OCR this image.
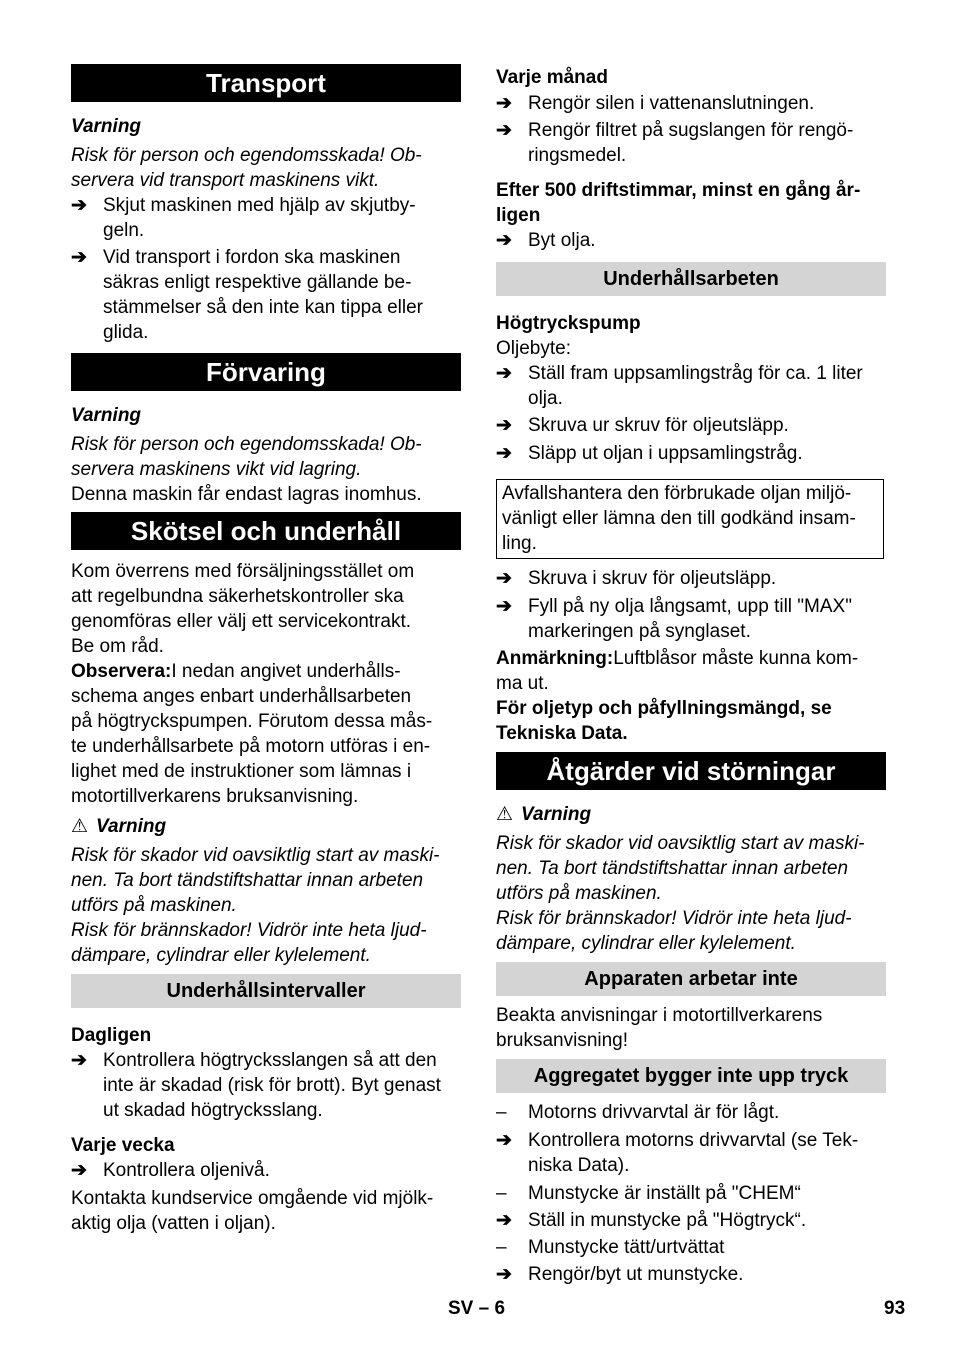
Transport
Varning
Risk för person och egendomsskada! Ob-
servera vid transport maskinens vikt.
➔ Skjut maskinen med hjälp av skjutby-
geln.
➔ Vid transport i fordon ska maskinen
säkras enligt respektive gällande be-
stämmelser så den inte kan tippa eller
glida.
Förvaring
Varning
Risk för person och egendomsskada! Ob-
servera maskinens vikt vid lagring.
Denna maskin får endast lagras inomhus.
Skötsel och underhåll
Kom överrens med försäljningsstället om
att regelbundna säkerhetskontroller ska
genomföras eller välj ett servicekontrakt.
Be om råd.
Observera:I nedan angivet underhålls-
schema anges enbart underhållsarbeten
på högtryckspumpen. Förutom dessa mås-
te underhållsarbete på motorn utföras i en-
lighet med de instruktioner som lämnas i
motortillverkarens bruksanvisning.
⚠ Varning
Risk för skador vid oavsiktlig start av maski-
nen. Ta bort tändstiftshattar innan arbeten
utförs på maskinen.
Risk för brännskador! Vidrör inte heta ljud-
dämpare, cylindrar eller kylelement.
Underhållsintervaller
Dagligen
➔ Kontrollera högtrycksslangen så att den
inte är skadad (risk för brott). Byt genast
ut skadad högtrycksslang.
Varje vecka
➔ Kontrollera oljenivå.
Kontakta kundservice omgående vid mjölk-
aktig olja (vatten i oljan).
Varje månad
➔ Rengör silen i vattenanslutningen.
➔ Rengör filtret på sugslangen för rengö-
ringsmedel.
Efter 500 driftstimmar, minst en gång år-
ligen
➔ Byt olja.
Underhållsarbeten
Högtryckspump
Oljebyte:
➔ Ställ fram uppsamlingstråg för ca. 1 liter
olja.
➔ Skruva ur skruv för oljeutsläpp.
➔ Släpp ut oljan i uppsamlingstråg.
Avfallshantera den förbrukade oljan miljö-
vänligt eller lämna den till godkänd insam-
ling.
➔ Skruva i skruv för oljeutsläpp.
➔ Fyll på ny olja långsamt, upp till "MAX"
markeringen på synglaset.
Anmärkning:Luftblåsor måste kunna kom-
ma ut.
För oljetyp och påfyllningsmängd, se
Tekniska Data.
Åtgärder vid störningar
⚠ Varning
Risk för skador vid oavsiktlig start av maski-
nen. Ta bort tändstiftshattar innan arbeten
utförs på maskinen.
Risk för brännskador! Vidrör inte heta ljud-
dämpare, cylindrar eller kylelement.
Apparaten arbetar inte
Beakta anvisningar i motortillverkarens
bruksanvisning!
Aggregatet bygger inte upp tryck
–	Motorns drivvarvtal är för lågt.
➔ Kontrollera motorns drivvarvtal (se Tek-
niska Data).
–	Munstycke är inställt på "CHEM“
➔ Ställ in munstycke på "Högtryck“.
–	Munstycke tätt/urtvättat
➔ Rengör/byt ut munstycke.
SV – 6	93
